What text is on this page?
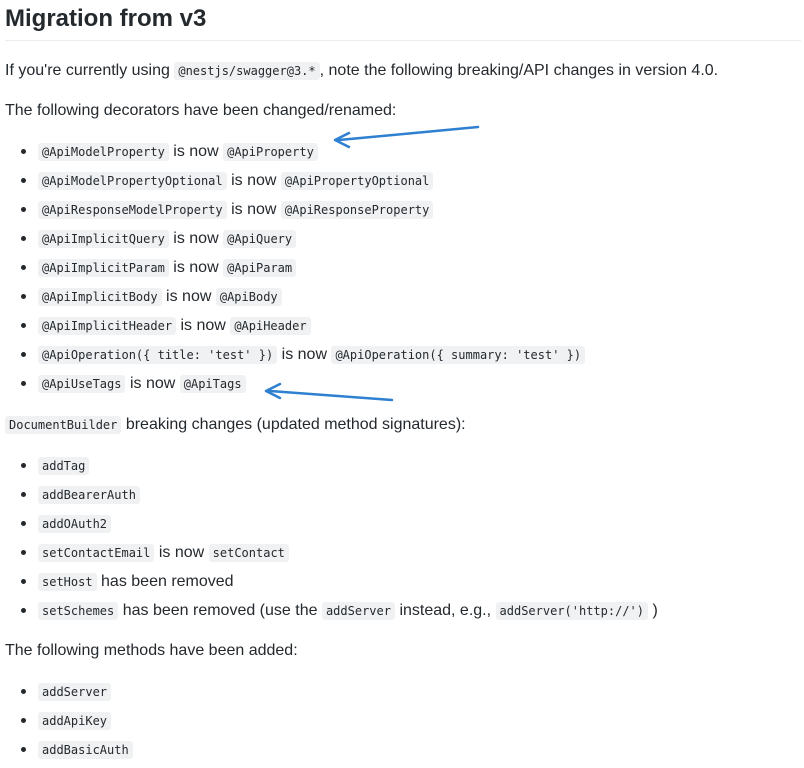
Migration from v3

If you're currently using @nestjs/swagger@3.* , note the following breaking/API changes in version 4.0.

The following decorators have been changed/renamed:

@ApiModelProperty is now @ApiProperty
@ApiModelPropertyOptional is now @ApiPropertyOptional
@ApiResponseModelProperty is now @ApiResponseProperty
@ApiImplicitQuery is now @ApiQuery
@ApiImplicitParam is now @ApiParam
@ApiImplicitBody is now @ApiBody
@ApiImplicitHeader is now @ApiHeader
@ApiOperation({ title: 'test' }) is now @ApiOperation({ summary: 'test' })
@ApiUseTags is now @ApiTags

DocumentBuilder breaking changes (updated method signatures):

addTag
addBearerAuth
addOAuth2
setContactEmail is now setContact
setHost has been removed
setSchemes has been removed (use the addServer instead, e.g., addServer('http://') )

The following methods have been added:

addServer
addApiKey
addBasicAuth
